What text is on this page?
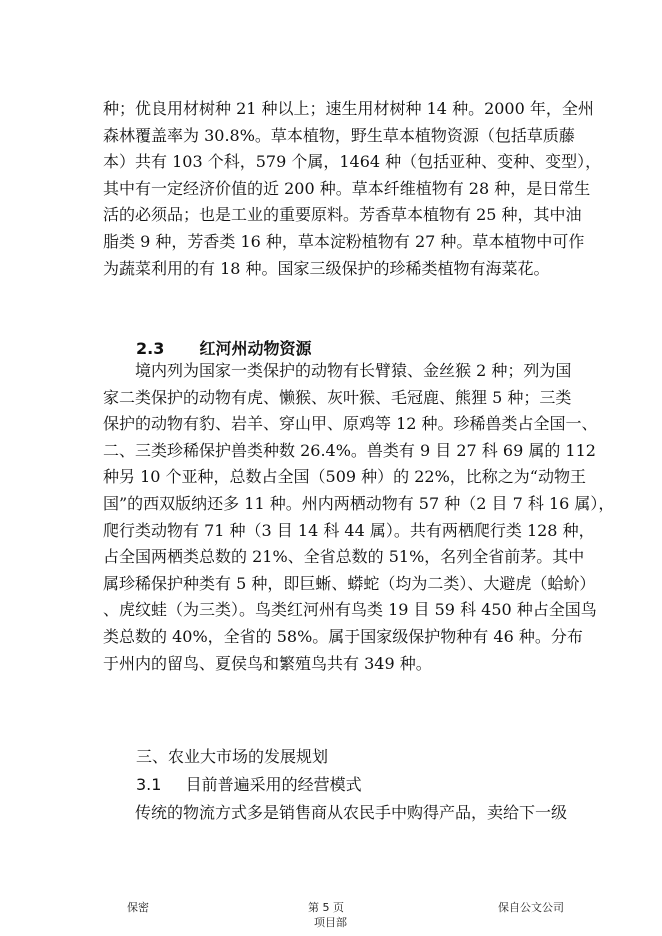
种；优良用材树种 21 种以上；速生用材树种 14 种。2000 年，全州
森林覆盖率为 30.8%。草本植物，野生草本植物资源（包括草质藤
本）共有 103 个科，579 个属，1464 种（包括亚种、变种、变型），
其中有一定经济价值的近 200 种。草本纤维植物有 28 种，是日常生
活的必须品；也是工业的重要原料。芳香草本植物有 25 种，其中油
脂类 9 种，芳香类 16 种，草本淀粉植物有 27 种。草本植物中可作
为蔬菜利用的有 18 种。国家三级保护的珍稀类植物有海菜花。

2.3 红河州动物资源

境内列为国家一类保护的动物有长臂猿、金丝猴 2 种；列为国
家二类保护的动物有虎、懒猴、灰叶猴、毛冠鹿、熊狸 5 种；三类
保护的动物有豹、岩羊、穿山甲、原鸡等 12 种。珍稀兽类占全国一、
二、三类珍稀保护兽类种数 26.4%。兽类有 9 目 27 科 69 属的 112
种另 10 个亚种，总数占全国（509 种）的 22%，比称之为“动物王
国”的西双版纳还多 11 种。州内两栖动物有 57 种（2 目 7 科 16 属），
爬行类动物有 71 种（3 目 14 科 44 属）。共有两栖爬行类 128 种，
占全国两栖类总数的 21%、全省总数的 51%，名列全省前茅。其中
属珍稀保护种类有 5 种，即巨蜥、蟒蛇（均为二类）、大避虎（蛤蚧）
、虎纹蛙（为三类）。鸟类红河州有鸟类 19 目 59 科 450 种占全国鸟
类总数的 40%，全省的 58%。属于国家级保护物种有 46 种。分布
于州内的留鸟、夏侯鸟和繁殖鸟共有 349 种。

三、农业大市场的发展规划
3.1 目前普遍采用的经营模式

传统的物流方式多是销售商从农民手中购得产品，卖给下一级

保密	第 5 页	保自公文公司
项目部
